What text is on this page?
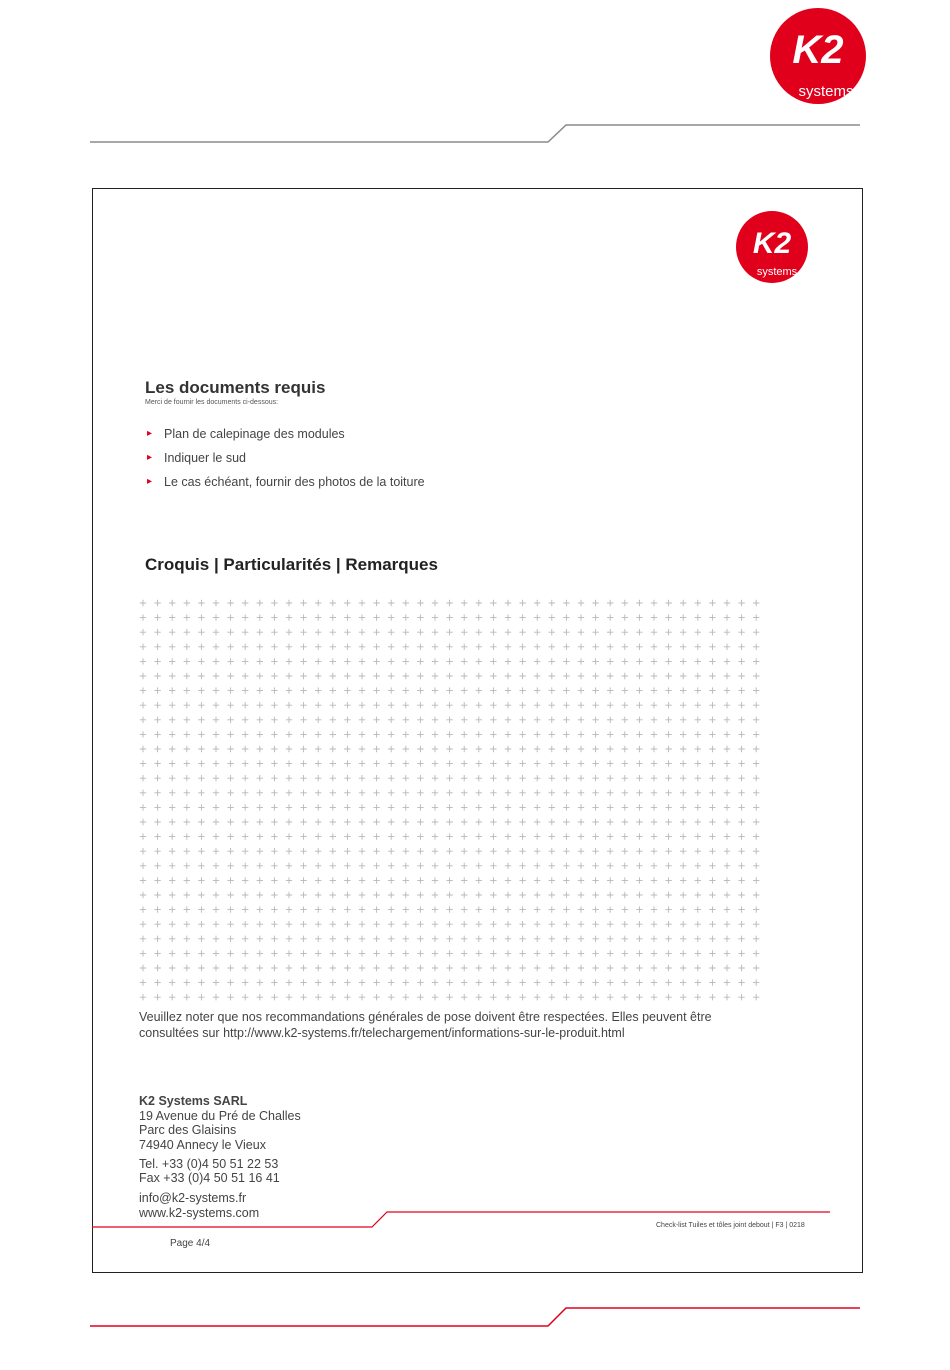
K2
systems
K2
systems
Les documents requis

Merci de fournir les documents ci-dessous:

▸ Plan de calepinage des modules
▸ Indiquer le sud
▸ Le cas échéant, fournir des photos de la toiture
Croquis | Particularités | Remarques

Veuillez noter que nos recommandations générales de pose doivent être respectées. Elles peuvent être
consultées sur http://www.k2-systems.fr/telechargement/informations-sur-le-produit.html

K2 Systems SARL
19 Avenue du Pré de Challes
Parc des Glaisins
74940 Annecy le Vieux
Tel. +33 (0)4 50 51 22 53
Fax +33 (0)4 50 51 16 41
info@k2-systems.fr
www.k2-systems.com
Check-list Tuiles et tôles joint debout | F3 | 0218
Page 4/4
